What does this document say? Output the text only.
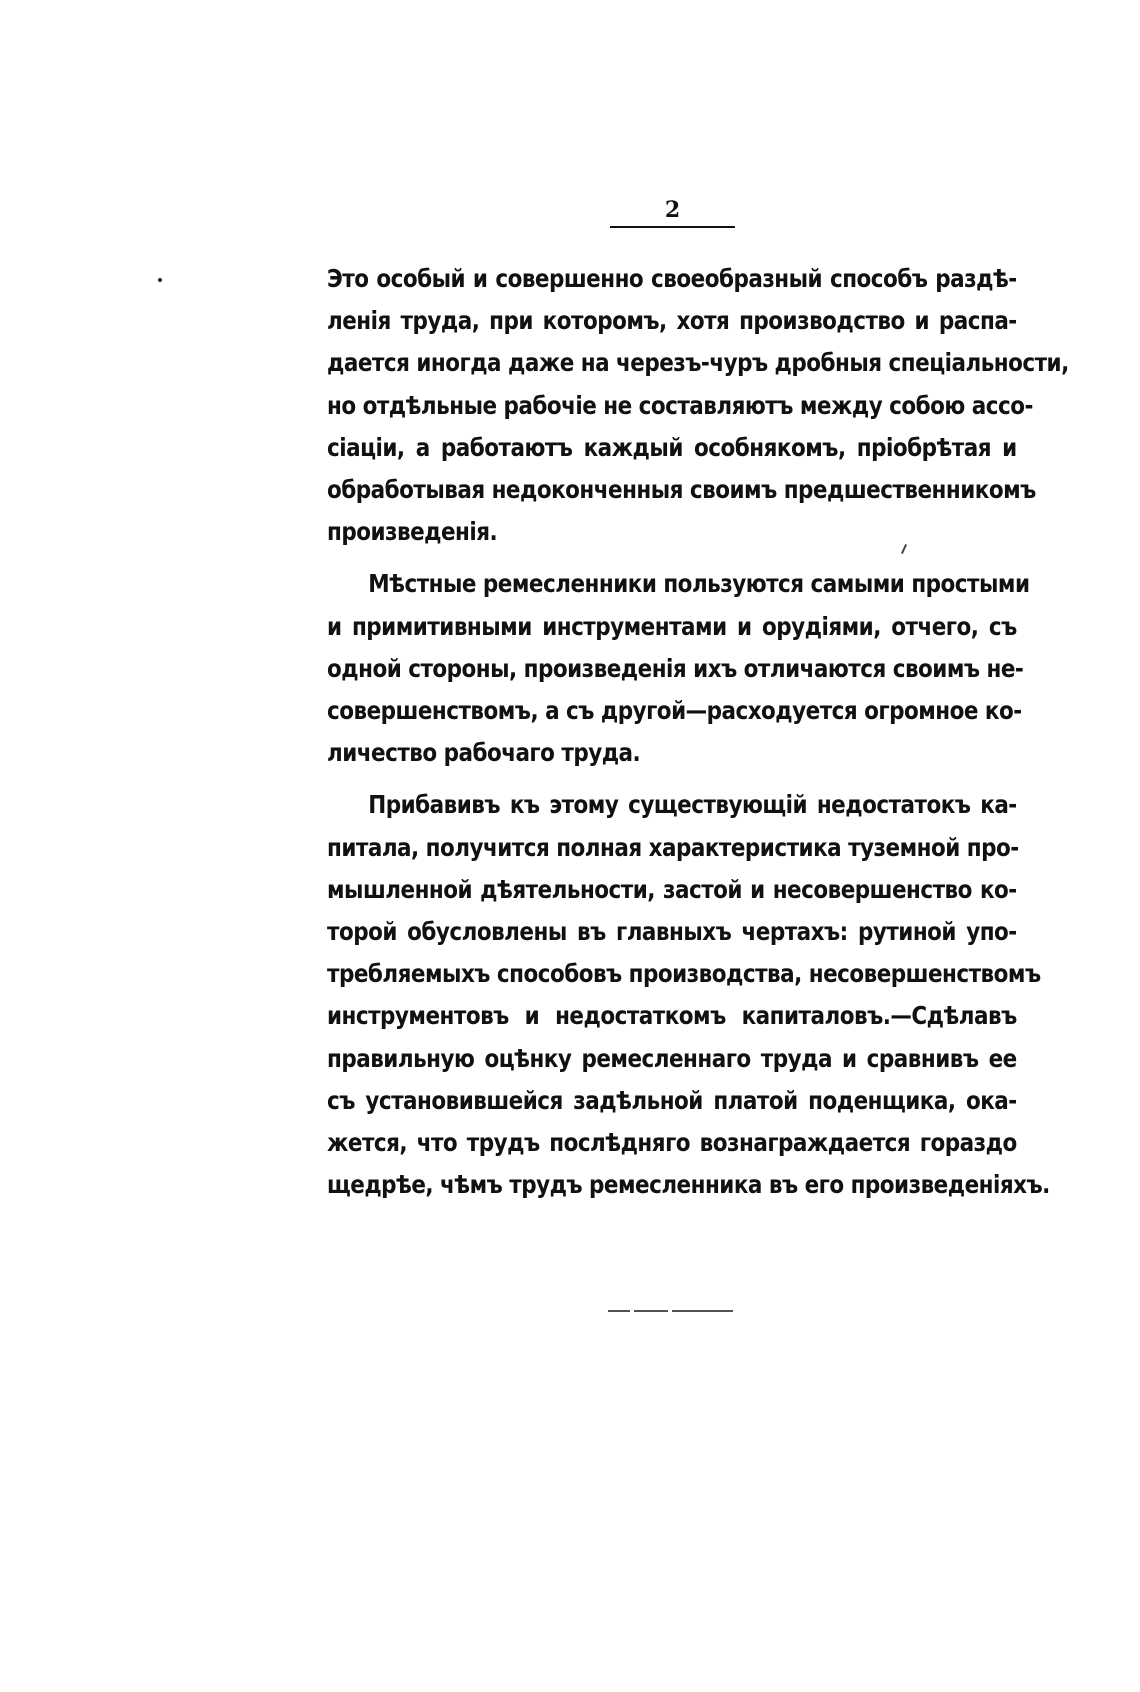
2

Это особый и совершенно своеобразный способъ раздѣ-
ленія труда, при которомъ, хотя производство и распа-
дается иногда даже на черезъ-чуръ дробныя спеціальности,
но отдѣльные рабочіе не составляютъ между собою ассо-
сіаціи, а работаютъ каждый особнякомъ, пріобрѣтая и
обработывая недоконченныя своимъ предшественникомъ
произведенія.

Мѣстные ремесленники пользуются самыми простыми
и примитивными инструментами и орудіями, отчего, съ
одной стороны, произведенія ихъ отличаются своимъ не-
совершенствомъ, а съ другой—расходуется огромное ко-
личество рабочаго труда.

Прибавивъ къ этому существующій недостатокъ ка-
питала, получится полная характеристика туземной про-
мышленной дѣятельности, застой и несовершенство ко-
торой обусловлены въ главныхъ чертахъ: рутиной упо-
требляемыхъ способовъ производства, несовершенствомъ
инструментовъ и недостаткомъ капиталовъ.—Сдѣлавъ
правильную оцѣнку ремесленнаго труда и сравнивъ ее
съ установившейся задѣльной платой поденщика, ока-
жется, что трудъ послѣдняго вознаграждается гораздо
щедрѣе, чѣмъ трудъ ремесленника въ его произведеніяхъ.
